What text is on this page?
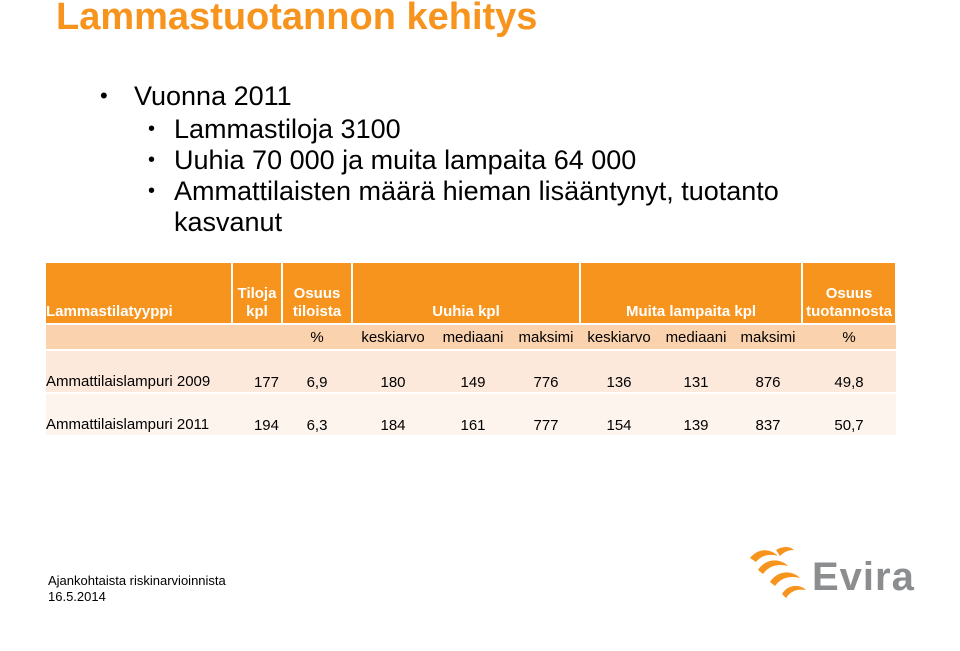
Lammastuotannon kehitys
• Vuonna 2011
• Lammastiloja 3100
• Uuhia 70 000 ja muita lampaita 64 000
• Ammattilaisten määrä hieman lisääntynyt, tuotanto kasvanut
Lammastilatyyppi	Tiloja kpl	Osuus tiloista	Uuhia kpl			Muita lampaita kpl			Osuus tuotannosta
		%	keskiarvo	mediaani	maksimi	keskiarvo	mediaani	maksimi	%
Ammattilaislampuri 2009	177	6,9	180	149	776	136	131	876	49,8
Ammattilaislampuri 2011	194	6,3	184	161	777	154	139	837	50,7
Ajankohtaista riskinarvioinnista
16.5.2014	Evira
